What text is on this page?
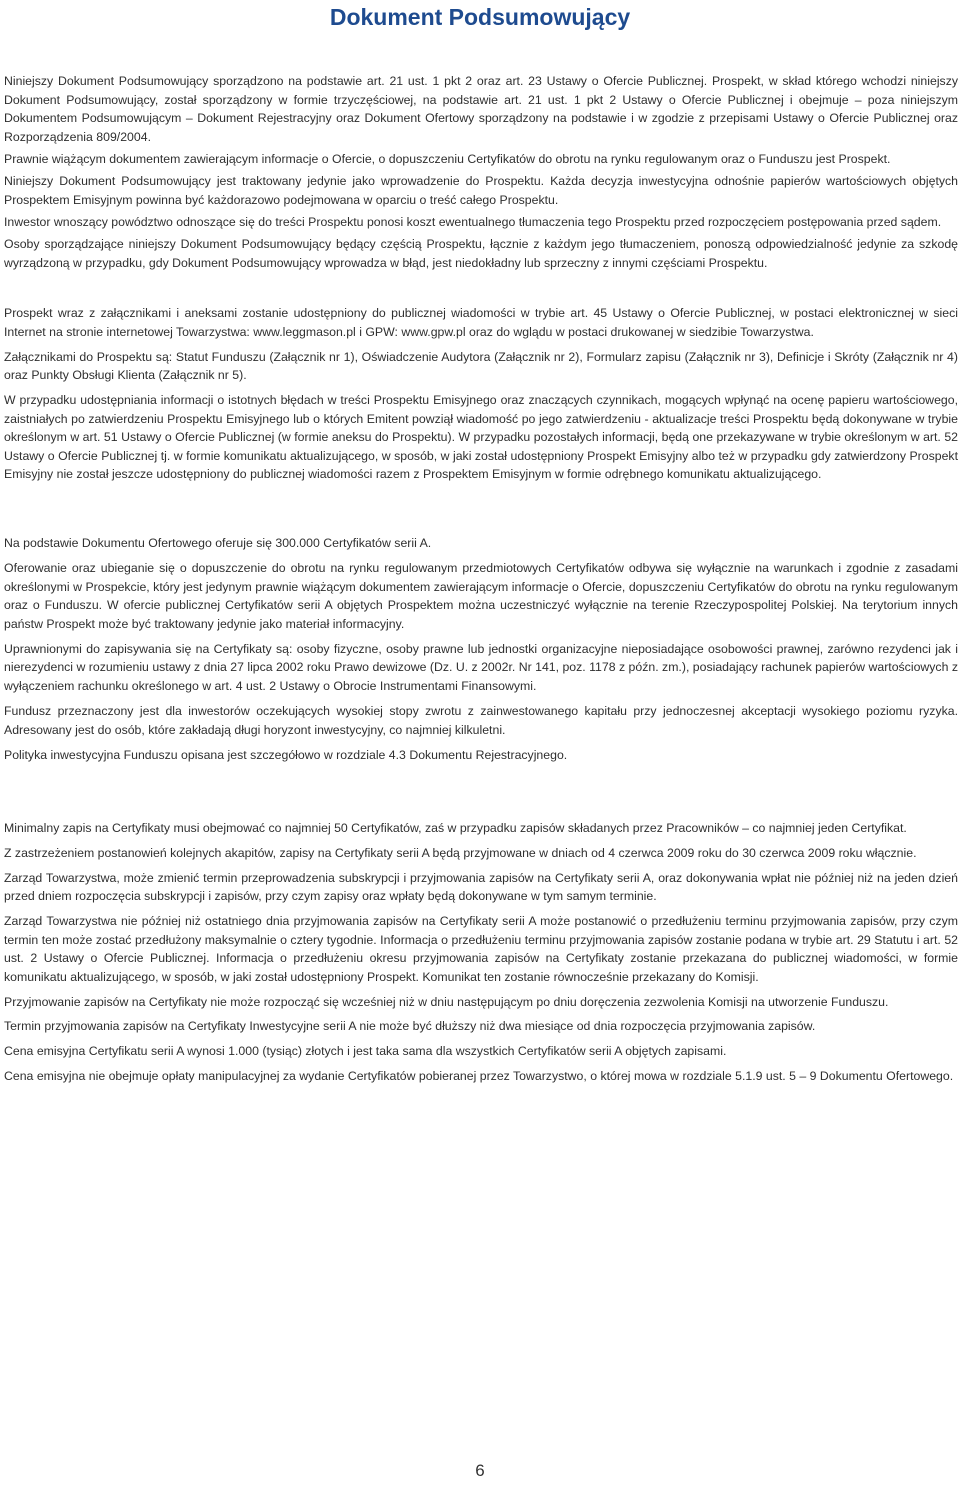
Dokument Podsumowujący

Niniejszy Dokument Podsumowujący sporządzono na podstawie art. 21 ust. 1 pkt 2 oraz art. 23 Ustawy o Ofercie Publicznej. Prospekt, w skład którego wchodzi niniejszy Dokument Podsumowujący, został sporządzony w formie trzyczęściowej, na podstawie art. 21 ust. 1 pkt 2 Ustawy o Ofercie Publicznej i obejmuje – poza niniejszym Dokumentem Podsumowującym – Dokument Rejestracyjny oraz Dokument Ofertowy sporządzony na podstawie i w zgodzie z przepisami Ustawy o Ofercie Publicznej oraz Rozporządzenia 809/2004.

Prawnie wiążącym dokumentem zawierającym informacje o Ofercie, o dopuszczeniu Certyfikatów do obrotu na rynku regulowanym oraz o Funduszu jest Prospekt.

Niniejszy Dokument Podsumowujący jest traktowany jedynie jako wprowadzenie do Prospektu. Każda decyzja inwestycyjna odnośnie papierów wartościowych objętych Prospektem Emisyjnym powinna być każdorazowo podejmowana w oparciu o treść całego Prospektu.

Inwestor wnoszący powództwo odnoszące się do treści Prospektu ponosi koszt ewentualnego tłumaczenia tego Prospektu przed rozpoczęciem postępowania przed sądem.

Osoby sporządzające niniejszy Dokument Podsumowujący będący częścią Prospektu, łącznie z każdym jego tłumaczeniem, ponoszą odpowiedzialność jedynie za szkodę wyrządzoną w przypadku, gdy Dokument Podsumowujący wprowadza w błąd, jest niedokładny lub sprzeczny z innymi częściami Prospektu.

Prospekt wraz z załącznikami i aneksami zostanie udostępniony do publicznej wiadomości w trybie art. 45 Ustawy o Ofercie Publicznej, w postaci elektronicznej w sieci Internet na stronie internetowej Towarzystwa: www.leggmason.pl i GPW: www.gpw.pl oraz do wglądu w postaci drukowanej w siedzibie Towarzystwa.

Załącznikami do Prospektu są: Statut Funduszu (Załącznik nr 1), Oświadczenie Audytora (Załącznik nr 2), Formularz zapisu (Załącznik nr 3), Definicje i Skróty (Załącznik nr 4) oraz Punkty Obsługi Klienta (Załącznik nr 5).

W przypadku udostępniania informacji o istotnych błędach w treści Prospektu Emisyjnego oraz znaczących czynnikach, mogących wpłynąć na ocenę papieru wartościowego, zaistniałych po zatwierdzeniu Prospektu Emisyjnego lub o których Emitent powziął wiadomość po jego zatwierdzeniu - aktualizacje treści Prospektu będą dokonywane w trybie określonym w art. 51 Ustawy o Ofercie Publicznej (w formie aneksu do Prospektu). W przypadku pozostałych informacji, będą one przekazywane w trybie określonym w art. 52 Ustawy o Ofercie Publicznej tj. w formie komunikatu aktualizującego, w sposób, w jaki został udostępniony Prospekt Emisyjny albo też w przypadku gdy zatwierdzony Prospekt Emisyjny nie został jeszcze udostępniony do publicznej wiadomości razem z Prospektem Emisyjnym w formie odrębnego komunikatu aktualizującego.

Na podstawie Dokumentu Ofertowego oferuje się 300.000 Certyfikatów serii A.

Oferowanie oraz ubieganie się o dopuszczenie do obrotu na rynku regulowanym przedmiotowych Certyfikatów odbywa się wyłącznie na warunkach i zgodnie z zasadami określonymi w Prospekcie, który jest jedynym prawnie wiążącym dokumentem zawierającym informacje o Ofercie, dopuszczeniu Certyfikatów do obrotu na rynku regulowanym oraz o Funduszu. W ofercie publicznej Certyfikatów serii A objętych Prospektem można uczestniczyć wyłącznie na terenie Rzeczypospolitej Polskiej. Na terytorium innych państw Prospekt może być traktowany jedynie jako materiał informacyjny.

Uprawnionymi do zapisywania się na Certyfikaty są: osoby fizyczne, osoby prawne lub jednostki organizacyjne nieposiadające osobowości prawnej, zarówno rezydenci jak i nierezydenci w rozumieniu ustawy z dnia 27 lipca 2002 roku Prawo dewizowe (Dz. U. z 2002r. Nr 141, poz. 1178 z późn. zm.), posiadający rachunek papierów wartościowych z wyłączeniem rachunku określonego w art. 4 ust. 2 Ustawy o Obrocie Instrumentami Finansowymi.

Fundusz przeznaczony jest dla inwestorów oczekujących wysokiej stopy zwrotu z zainwestowanego kapitału przy jednoczesnej akceptacji wysokiego poziomu ryzyka. Adresowany jest do osób, które zakładają długi horyzont inwestycyjny, co najmniej kilkuletni.

Polityka inwestycyjna Funduszu opisana jest szczegółowo w rozdziale 4.3 Dokumentu Rejestracyjnego.

Minimalny zapis na Certyfikaty musi obejmować co najmniej 50 Certyfikatów, zaś w przypadku zapisów składanych przez Pracowników – co najmniej jeden Certyfikat.

Z zastrzeżeniem postanowień kolejnych akapitów, zapisy na Certyfikaty serii A będą przyjmowane w dniach od 4 czerwca 2009 roku do 30 czerwca 2009 roku włącznie.

Zarząd Towarzystwa, może zmienić termin przeprowadzenia subskrypcji i przyjmowania zapisów na Certyfikaty serii A, oraz dokonywania wpłat nie później niż na jeden dzień przed dniem rozpoczęcia subskrypcji i zapisów, przy czym zapisy oraz wpłaty będą dokonywane w tym samym terminie.

Zarząd Towarzystwa nie później niż ostatniego dnia przyjmowania zapisów na Certyfikaty serii A może postanowić o przedłużeniu terminu przyjmowania zapisów, przy czym termin ten może zostać przedłużony maksymalnie o cztery tygodnie. Informacja o przedłużeniu terminu przyjmowania zapisów zostanie podana w trybie art. 29 Statutu i art. 52 ust. 2 Ustawy o Ofercie Publicznej. Informacja o przedłużeniu okresu przyjmowania zapisów na Certyfikaty zostanie przekazana do publicznej wiadomości, w formie komunikatu aktualizującego, w sposób, w jaki został udostępniony Prospekt. Komunikat ten zostanie równocześnie przekazany do Komisji.

Przyjmowanie zapisów na Certyfikaty nie może rozpocząć się wcześniej niż w dniu następującym po dniu doręczenia zezwolenia Komisji na utworzenie Funduszu.

Termin przyjmowania zapisów na Certyfikaty Inwestycyjne serii A nie może być dłuższy niż dwa miesiące od dnia rozpoczęcia przyjmowania zapisów.

Cena emisyjna Certyfikatu serii A wynosi 1.000 (tysiąc) złotych i jest taka sama dla wszystkich Certyfikatów serii A objętych zapisami.

Cena emisyjna nie obejmuje opłaty manipulacyjnej za wydanie Certyfikatów pobieranej przez Towarzystwo, o której mowa w rozdziale 5.1.9 ust. 5 – 9 Dokumentu Ofertowego.

6
